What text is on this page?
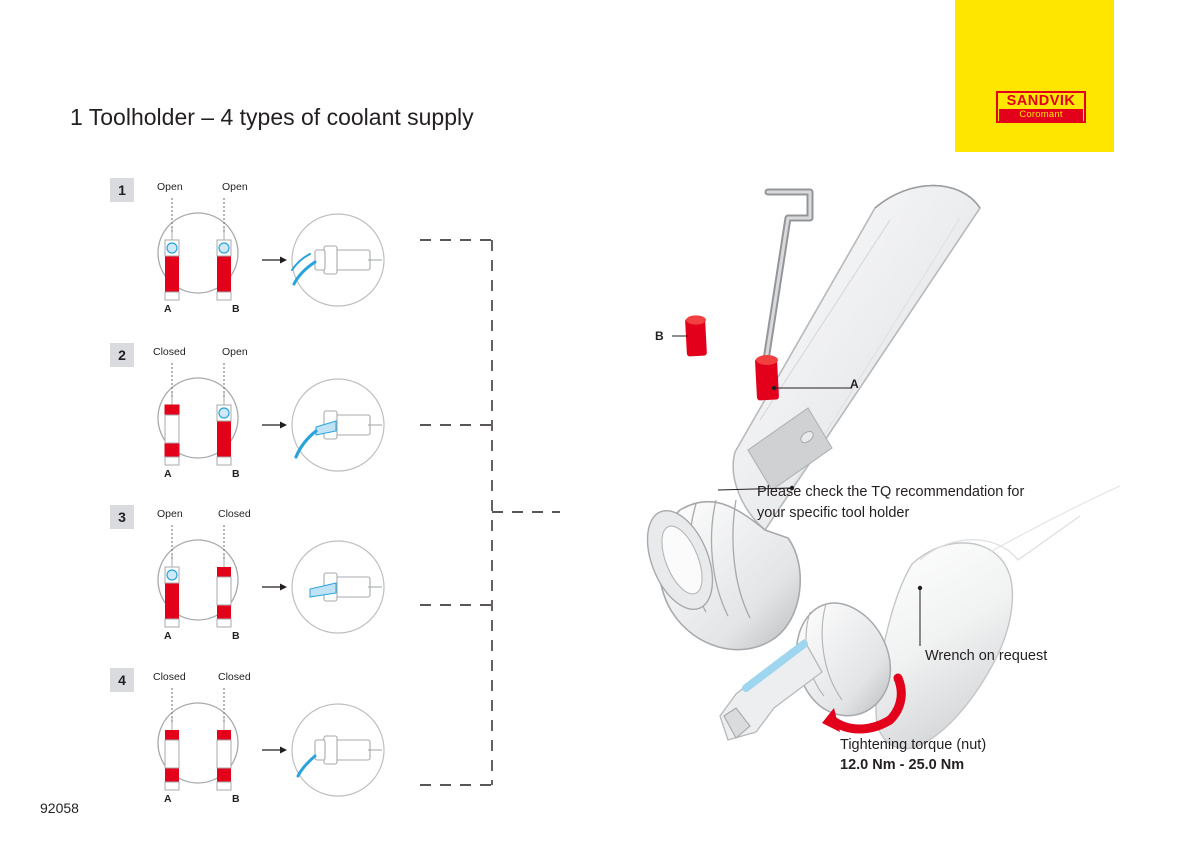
SANDVIK
Coromant
1 Toolholder – 4 types of coolant supply
1	Open	Open
A	B
2	Closed	Open
A	B
3	Open	Closed
A	B
4	Closed	Closed
A	B
B
A
Please check the TQ recommendation for
your specific tool holder
Wrench on request
Tightening torque (nut)
12.0 Nm - 25.0 Nm
92058
